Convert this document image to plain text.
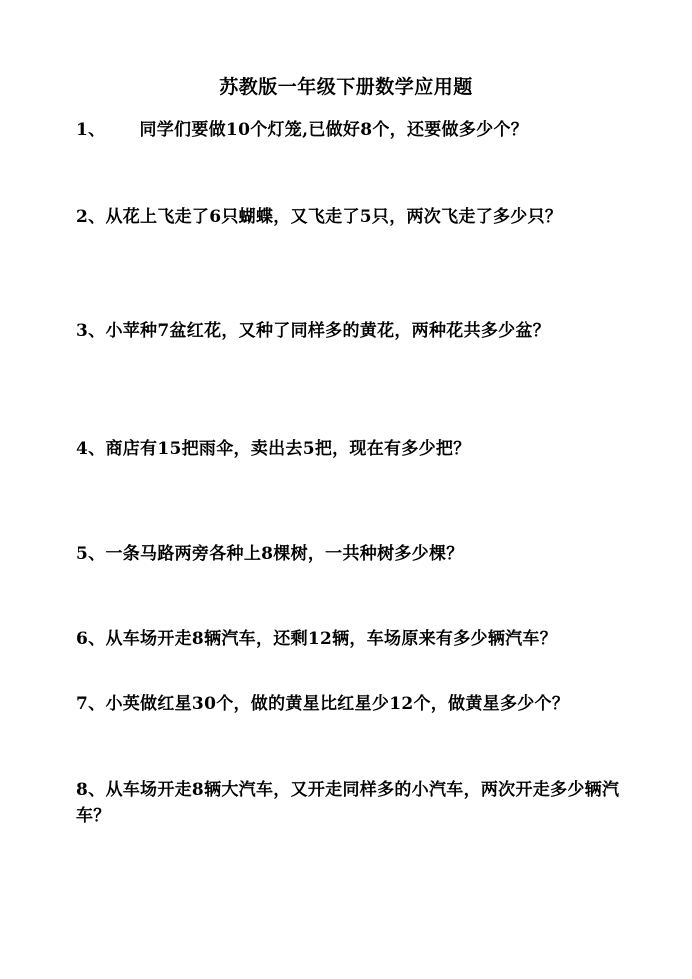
苏教版一年级下册数学应用题
1、 同学们要做10个灯笼,已做好8个，还要做多少个？
2、从花上飞走了6只蝴蝶，又飞走了5只，两次飞走了多少只？
3、小苹种7盆红花，又种了同样多的黄花，两种花共多少盆？
4、商店有15把雨伞，卖出去5把，现在有多少把？
5、一条马路两旁各种上8棵树，一共种树多少棵？
6、从车场开走8辆汽车，还剩12辆，车场原来有多少辆汽车？
7、小英做红星30个，做的黄星比红星少12个，做黄星多少个？
8、从车场开走8辆大汽车，又开走同样多的小汽车，两次开走多少辆汽车？
